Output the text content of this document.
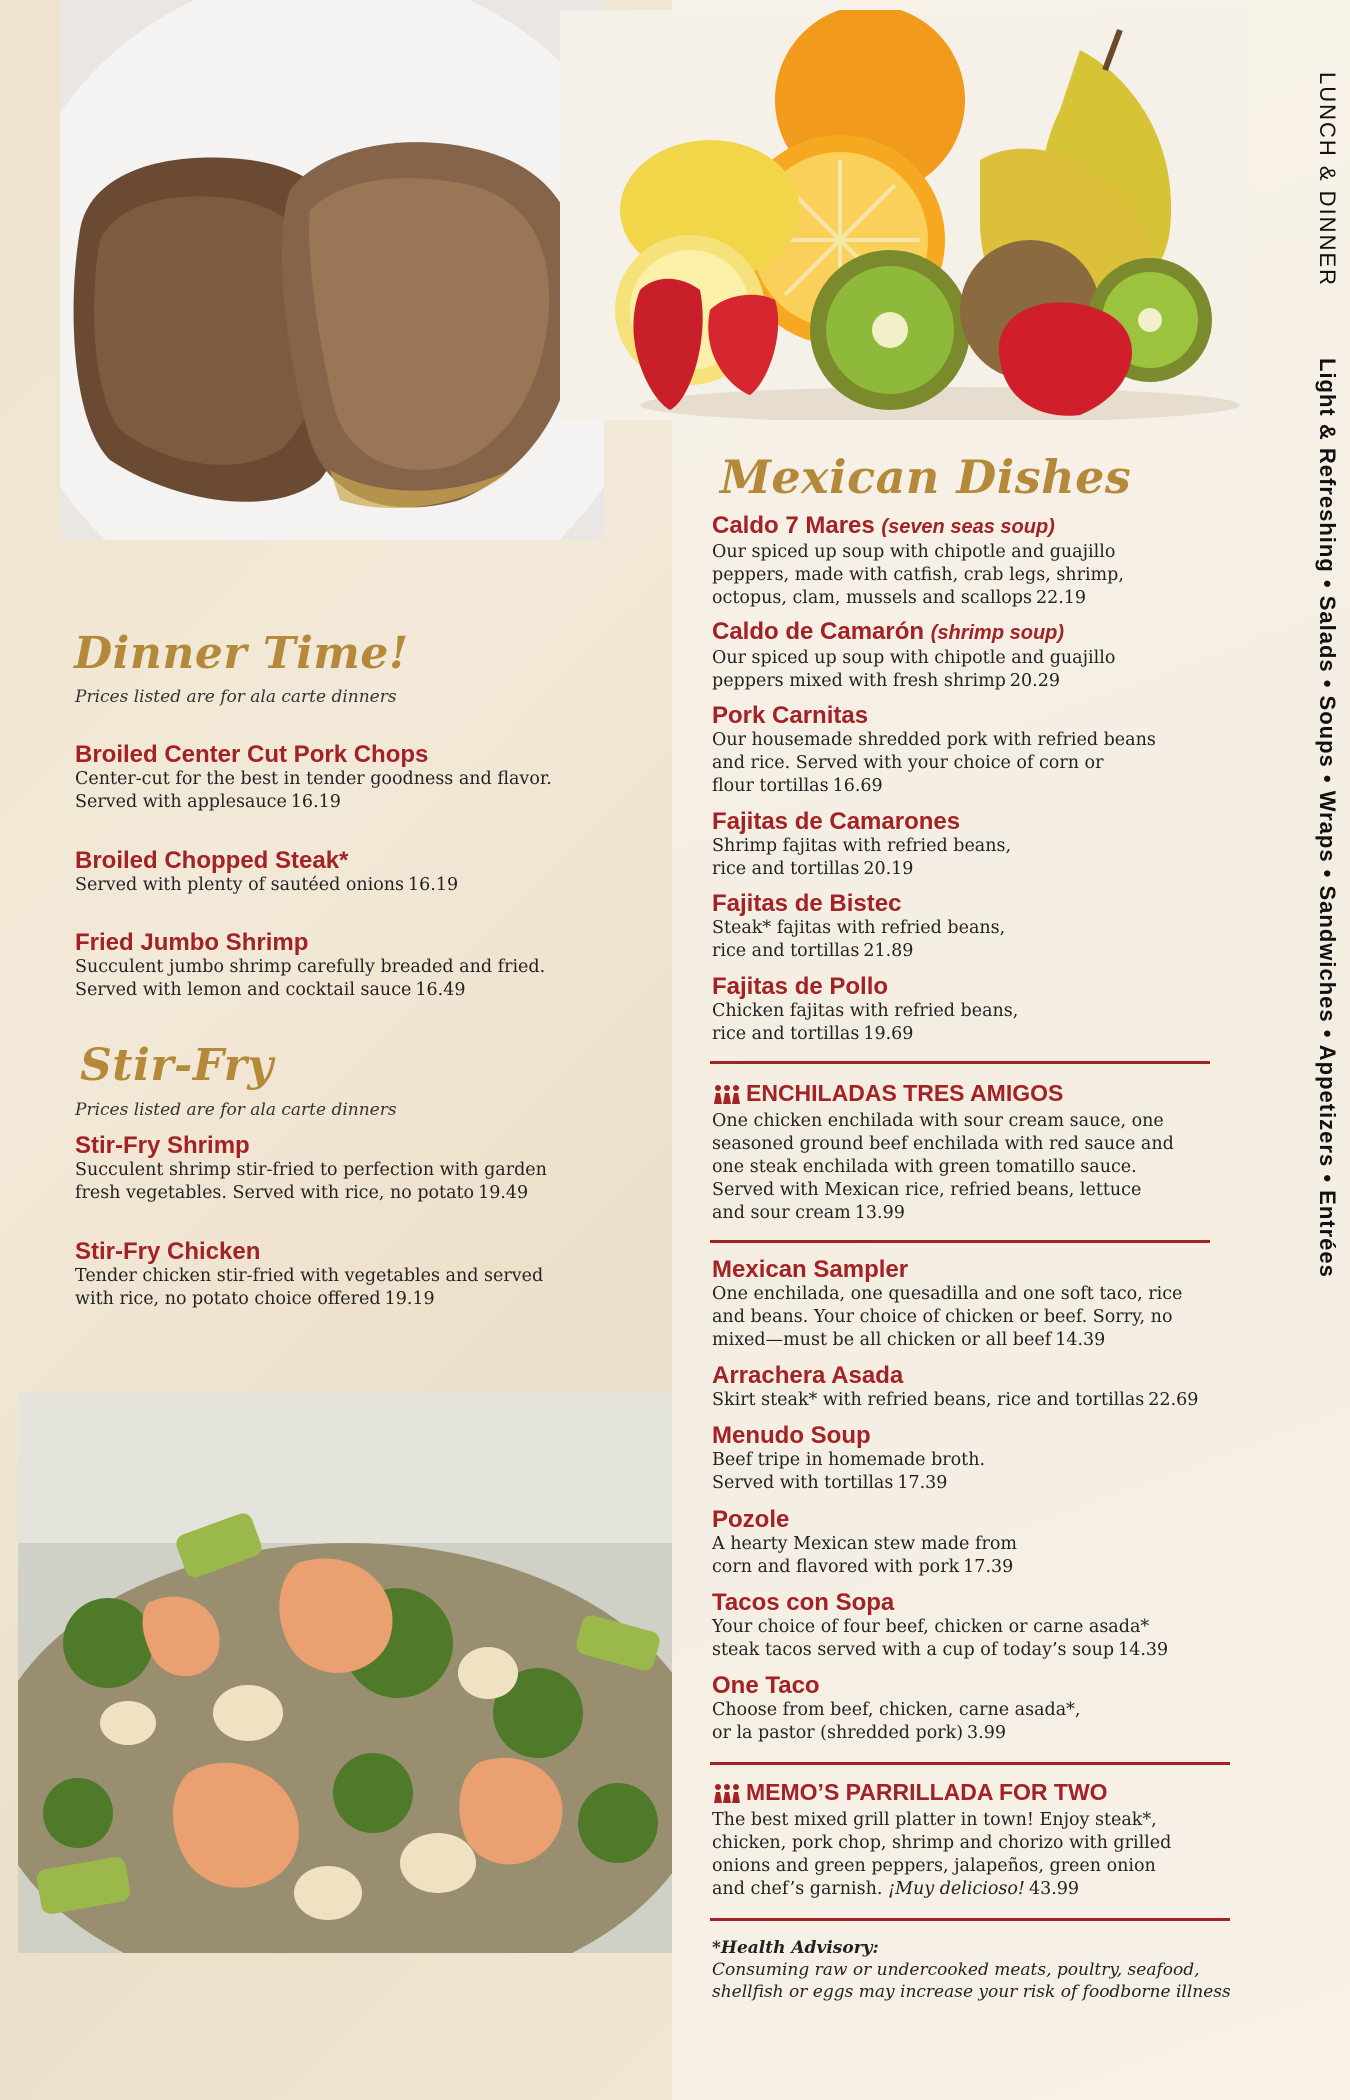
Dinner Time!
Prices listed are for ala carte dinners
Broiled Center Cut Pork Chops
Center-cut for the best in tender goodness and flavor.
Served with applesauce 16.19
Broiled Chopped Steak*
Served with plenty of sautéed onions 16.19
Fried Jumbo Shrimp
Succulent jumbo shrimp carefully breaded and fried.
Served with lemon and cocktail sauce 16.49
Stir-Fry
Prices listed are for ala carte dinners
Stir-Fry Shrimp
Succulent shrimp stir-fried to perfection with garden
fresh vegetables. Served with rice, no potato 19.49
Stir-Fry Chicken
Tender chicken stir-fried with vegetables and served
with rice, no potato choice offered 19.19
Mexican Dishes
Caldo 7 Mares (seven seas soup)
Our spiced up soup with chipotle and guajillo
peppers, made with catfish, crab legs, shrimp,
octopus, clam, mussels and scallops 22.19
Caldo de Camarón (shrimp soup)
Our spiced up soup with chipotle and guajillo
peppers mixed with fresh shrimp 20.29
Pork Carnitas
Our housemade shredded pork with refried beans
and rice. Served with your choice of corn or
flour tortillas 16.69
Fajitas de Camarones
Shrimp fajitas with refried beans,
rice and tortillas 20.19
Fajitas de Bistec
Steak* fajitas with refried beans,
rice and tortillas 21.89
Fajitas de Pollo
Chicken fajitas with refried beans,
rice and tortillas 19.69
ENCHILADAS TRES AMIGOS
One chicken enchilada with sour cream sauce, one
seasoned ground beef enchilada with red sauce and
one steak enchilada with green tomatillo sauce.
Served with Mexican rice, refried beans, lettuce
and sour cream 13.99
Mexican Sampler
One enchilada, one quesadilla and one soft taco, rice
and beans. Your choice of chicken or beef. Sorry, no
mixed—must be all chicken or all beef 14.39
Arrachera Asada
Skirt steak* with refried beans, rice and tortillas 22.69
Menudo Soup
Beef tripe in homemade broth.
Served with tortillas 17.39
Pozole
A hearty Mexican stew made from
corn and flavored with pork 17.39
Tacos con Sopa
Your choice of four beef, chicken or carne asada*
steak tacos served with a cup of today’s soup 14.39
One Taco
Choose from beef, chicken, carne asada*,
or la pastor (shredded pork) 3.99
MEMO’S PARRILLADA FOR TWO
The best mixed grill platter in town! Enjoy steak*,
chicken, pork chop, shrimp and chorizo with grilled
onions and green peppers, jalapeños, green onion
and chef’s garnish. ¡Muy delicioso! 43.99
*Health Advisory:
Consuming raw or undercooked meats, poultry, seafood, shellfish or eggs may increase your risk of foodborne illness
LUNCH & DINNER Light & Refreshing • Salads • Soups • Wraps • Sandwiches • Appetizers • Entrées
